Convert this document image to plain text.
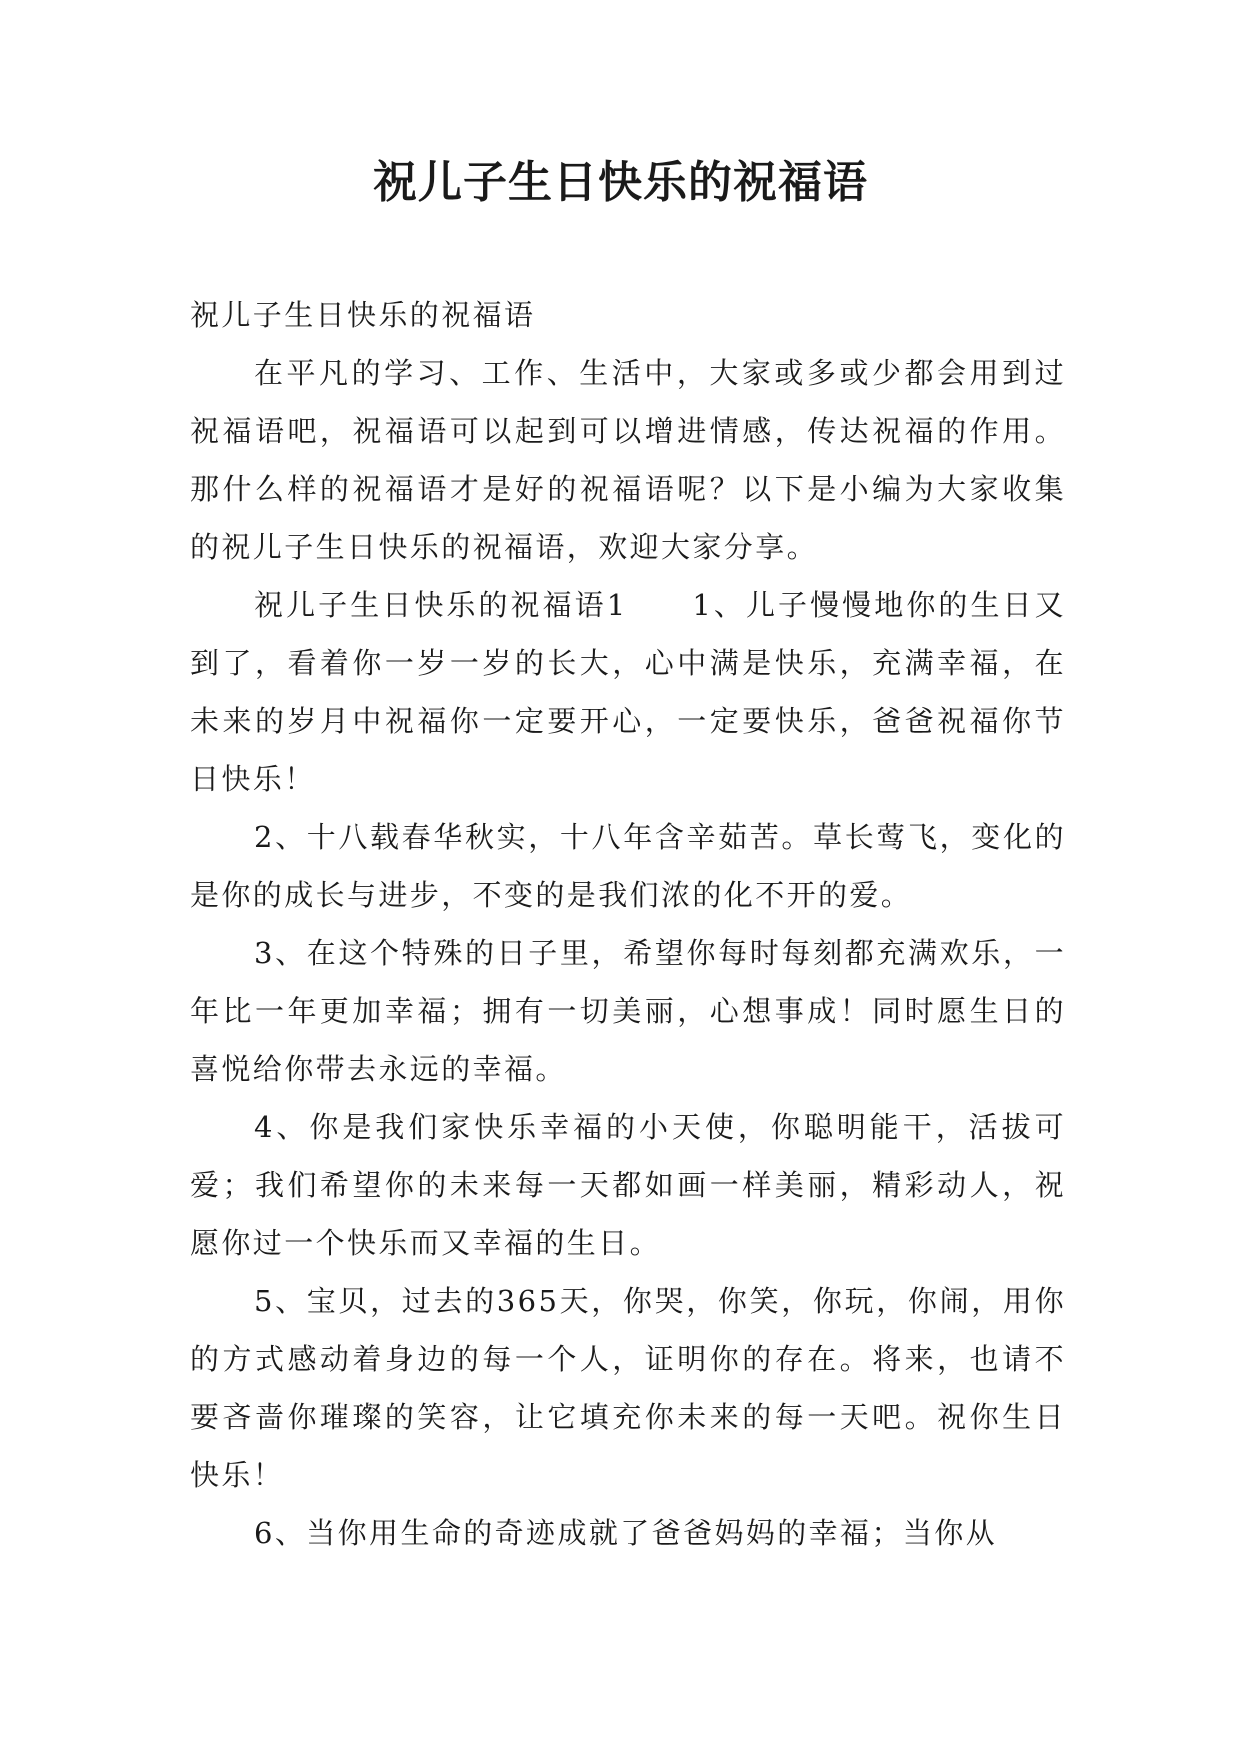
祝儿子生日快乐的祝福语

祝儿子生日快乐的祝福语

在平凡的学习、工作、生活中，大家或多或少都会用到过祝福语吧，祝福语可以起到可以增进情感，传达祝福的作用。那什么样的祝福语才是好的祝福语呢？以下是小编为大家收集的祝儿子生日快乐的祝福语，欢迎大家分享。

祝儿子生日快乐的祝福语1　　1、儿子慢慢地你的生日又到了，看着你一岁一岁的长大，心中满是快乐，充满幸福，在未来的岁月中祝福你一定要开心，一定要快乐，爸爸祝福你节日快乐！

2、十八载春华秋实，十八年含辛茹苦。草长莺飞，变化的是你的成长与进步，不变的是我们浓的化不开的爱。

3、在这个特殊的日子里，希望你每时每刻都充满欢乐，一年比一年更加幸福；拥有一切美丽，心想事成！同时愿生日的喜悦给你带去永远的幸福。

4、你是我们家快乐幸福的小天使，你聪明能干，活拔可爱；我们希望你的未来每一天都如画一样美丽，精彩动人，祝愿你过一个快乐而又幸福的生日。

5、宝贝，过去的365天，你哭，你笑，你玩，你闹，用你的方式感动着身边的每一个人，证明你的存在。将来，也请不要吝啬你璀璨的笑容，让它填充你未来的每一天吧。祝你生日快乐！

6、当你用生命的奇迹成就了爸爸妈妈的幸福；当你从
